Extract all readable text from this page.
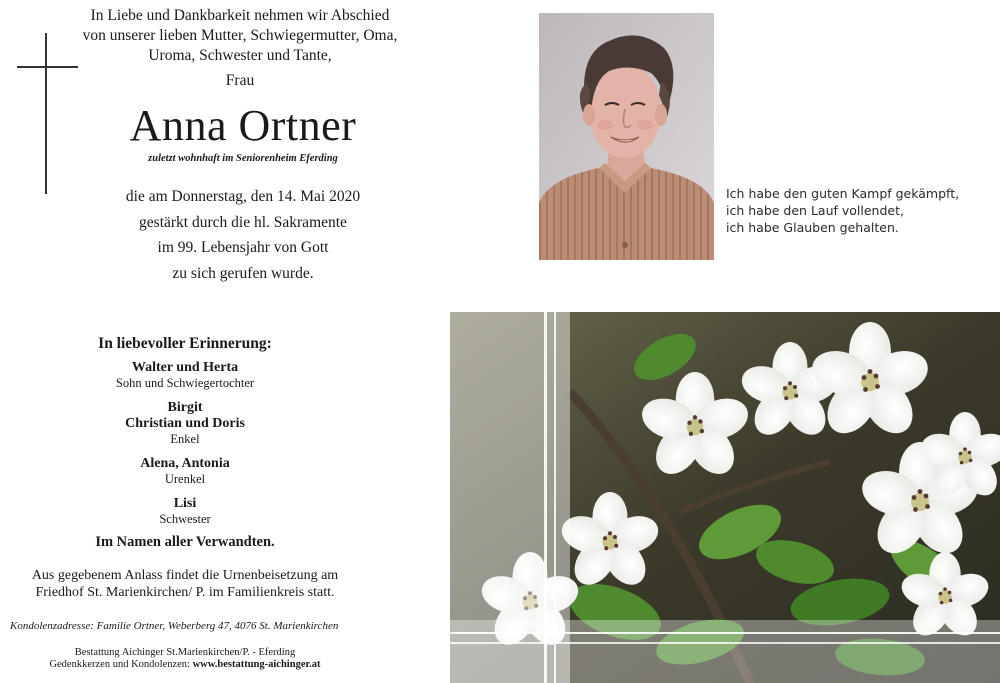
In Liebe und Dankbarkeit nehmen wir Abschied
von unserer lieben Mutter, Schwiegermutter, Oma,
Uroma, Schwester und Tante,
Frau
Anna Ortner
zuletzt wohnhaft im Seniorenheim Eferding
die am Donnerstag, den 14. Mai 2020
gestärkt durch die hl. Sakramente
im 99. Lebensjahr von Gott
zu sich gerufen wurde.
Ich habe den guten Kampf gekämpft,
ich habe den Lauf vollendet,
ich habe Glauben gehalten.
In liebevoller Erinnerung:
Walter und Herta
Sohn und Schwiegertochter
Birgit
Christian und Doris
Enkel
Alena, Antonia
Urenkel
Lisi
Schwester
Im Namen aller Verwandten.
Aus gegebenem Anlass findet die Urnenbeisetzung am
Friedhof St. Marienkirchen/ P. im Familienkreis statt.
Kondolenzadresse: Familie Ortner, Weberberg 47, 4076 St. Marienkirchen
Bestattung Aichinger St.Marienkirchen/P. - Eferding
Gedenkkerzen und Kondolenzen: www.bestattung-aichinger.at
